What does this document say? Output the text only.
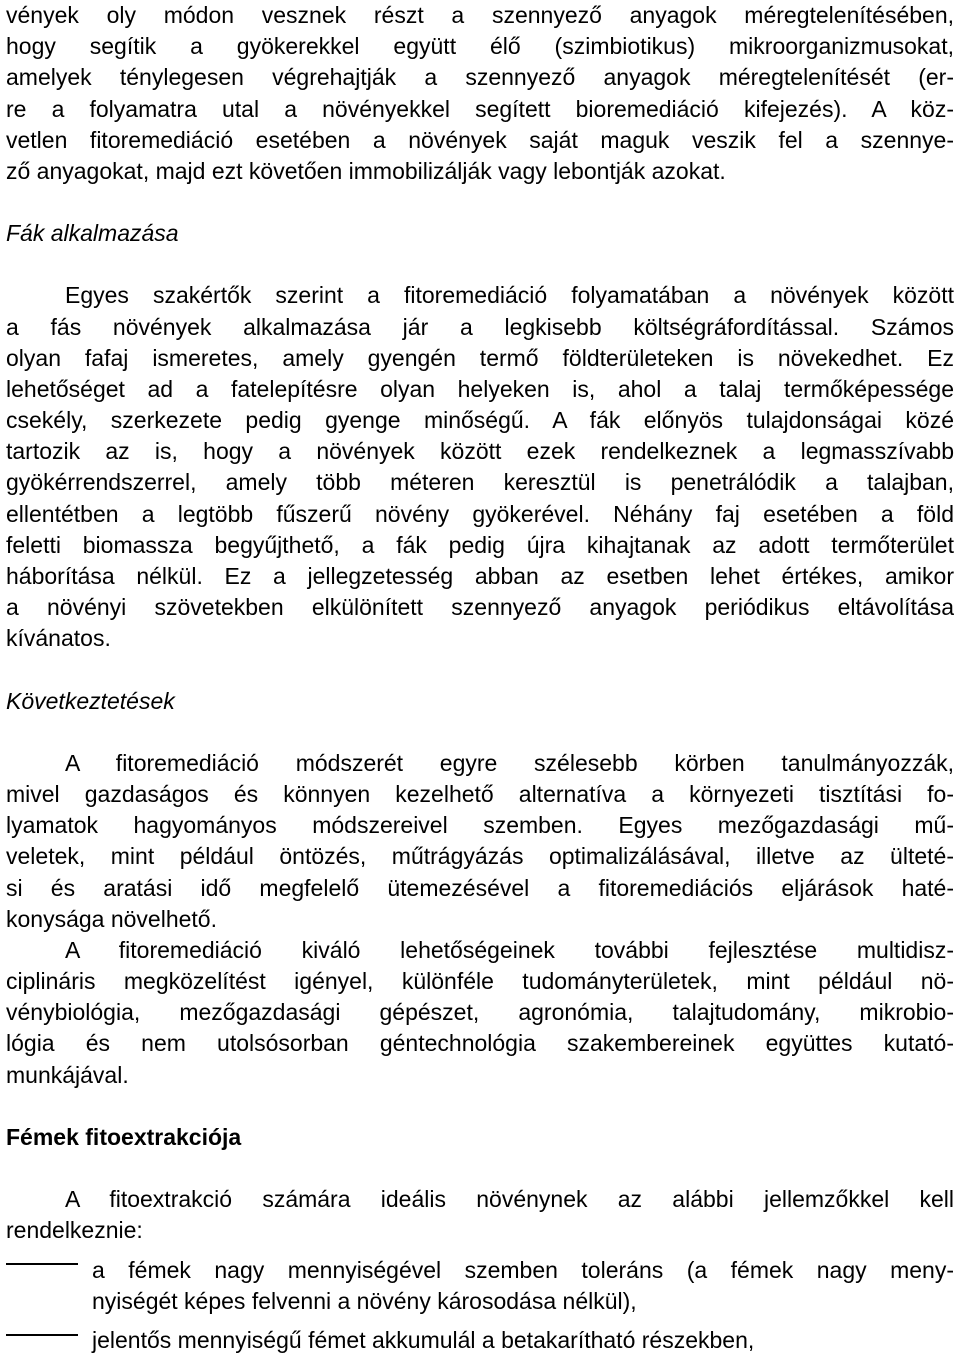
vények oly módon vesznek részt a szennyező anyagok méregtelenítésében,
hogy segítik a gyökerekkel együtt élő (szimbiotikus) mikroorganizmusokat,
amelyek ténylegesen végrehajtják a szennyező anyagok méregtelenítését (er-
re a folyamatra utal a növényekkel segített bioremediáció kifejezés). A köz-
vetlen fitoremediáció esetében a növények saját maguk veszik fel a szennye-
ző anyagokat, majd ezt követően immobilizálják vagy lebontják azokat.
Fák alkalmazása
Egyes szakértők szerint a fitoremediáció folyamatában a növények között
a fás növények alkalmazása jár a legkisebb költségráfordítással. Számos
olyan fafaj ismeretes, amely gyengén termő földterületeken is növekedhet. Ez
lehetőséget ad a fatelepítésre olyan helyeken is, ahol a talaj termőképessége
csekély, szerkezete pedig gyenge minőségű. A fák előnyös tulajdonságai közé
tartozik az is, hogy a növények között ezek rendelkeznek a legmasszívabb
gyökérrendszerrel, amely több méteren keresztül is penetrálódik a talajban,
ellentétben a legtöbb fűszerű növény gyökerével. Néhány faj esetében a föld
feletti biomassza begyűjthető, a fák pedig újra kihajtanak az adott termőterület
háborítása nélkül. Ez a jellegzetesség abban az esetben lehet értékes, amikor
a növényi szövetekben elkülönített szennyező anyagok periódikus eltávolítása
kívánatos.
Következtetések
A fitoremediáció módszerét egyre szélesebb körben tanulmányozzák,
mivel gazdaságos és könnyen kezelhető alternatíva a környezeti tisztítási fo-
lyamatok hagyományos módszereivel szemben. Egyes mezőgazdasági mű-
veletek, mint például öntözés, műtrágyázás optimalizálásával, illetve az ülteté-
si és aratási idő megfelelő ütemezésével a fitoremediációs eljárások haté-
konysága növelhető.
A fitoremediáció kiváló lehetőségeinek további fejlesztése multidisz-
ciplináris megközelítést igényel, különféle tudományterületek, mint például nö-
vénybiológia, mezőgazdasági gépészet, agronómia, talajtudomány, mikrobio-
lógia és nem utolsósorban géntechnológia szakembereinek együttes kutató-
munkájával.
Fémek fitoextrakciója
A fitoextrakció számára ideális növénynek az alábbi jellemzőkkel kell
rendelkeznie:
a fémek nagy mennyiségével szemben toleráns (a fémek nagy meny-
nyiségét képes felvenni a növény károsodása nélkül),
jelentős mennyiségű fémet akkumulál a betakarítható részekben,
